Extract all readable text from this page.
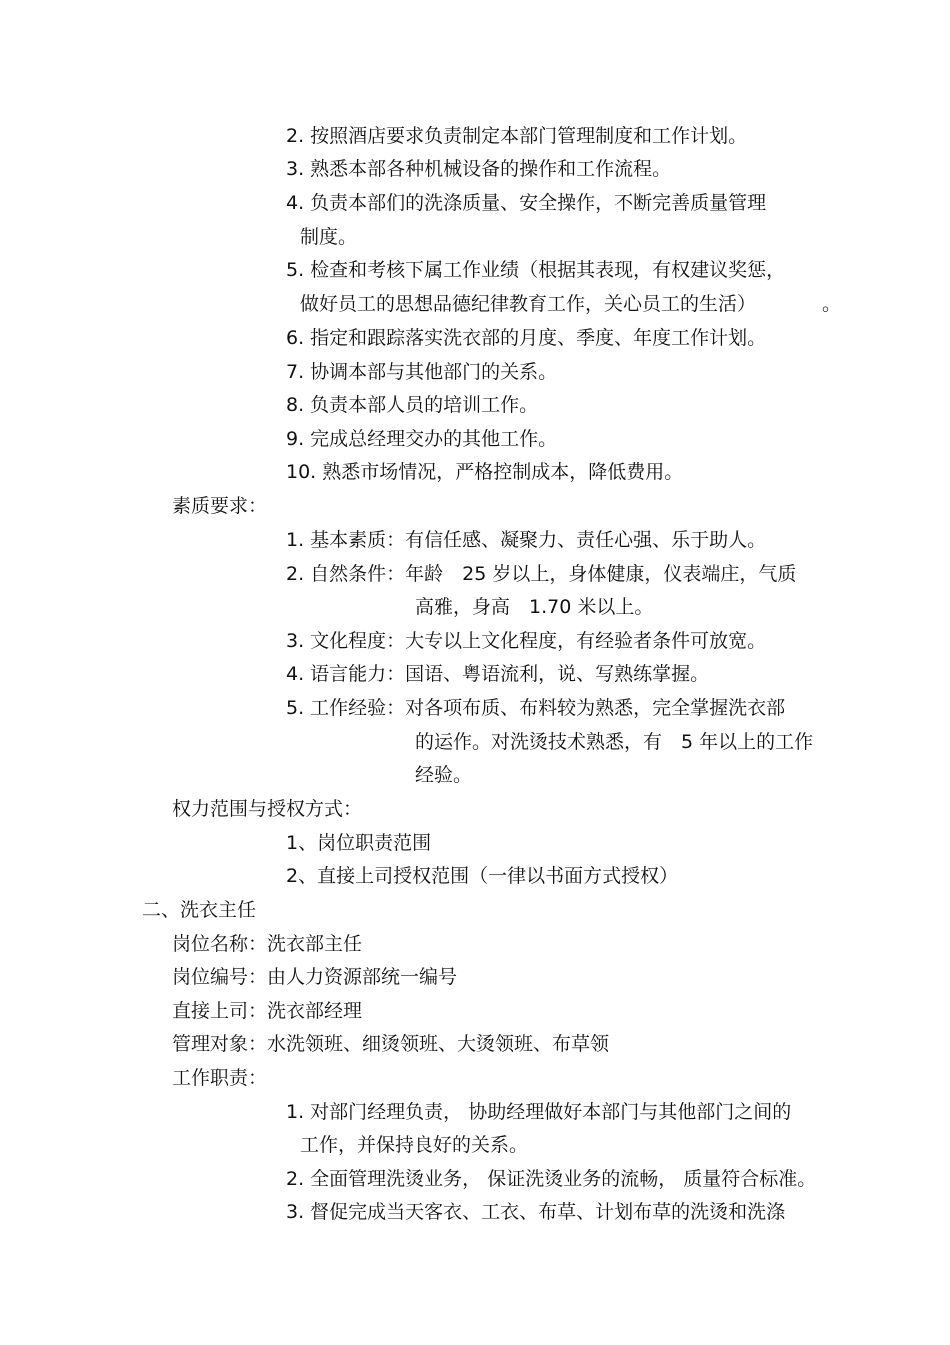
2. 按照酒店要求负责制定本部门管理制度和工作计划。
3. 熟悉本部各种机械设备的操作和工作流程。
4. 负责本部们的洗涤质量、安全操作，不断完善质量管理
制度。
5. 检查和考核下属工作业绩（根据其表现，有权建议奖惩，
做好员工的思想品德纪律教育工作，关心员工的生活）	。
6. 指定和跟踪落实洗衣部的月度、季度、年度工作计划。
7. 协调本部与其他部门的关系。
8. 负责本部人员的培训工作。
9. 完成总经理交办的其他工作。
10. 熟悉市场情况，严格控制成本，降低费用。
素质要求：
1. 基本素质：有信任感、凝聚力、责任心强、乐于助人。
2. 自然条件：年龄　25 岁以上，身体健康，仪表端庄，气质
高雅，身高　1.70 米以上。
3. 文化程度：大专以上文化程度，有经验者条件可放宽。
4. 语言能力：国语、粤语流利，说、写熟练掌握。
5. 工作经验：对各项布质、布料较为熟悉，完全掌握洗衣部
的运作。对洗烫技术熟悉，有　5 年以上的工作
经验。
权力范围与授权方式：
1、岗位职责范围
2、直接上司授权范围（一律以书面方式授权）
二、洗衣主任
岗位名称：洗衣部主任
岗位编号：由人力资源部统一编号
直接上司：洗衣部经理
管理对象：水洗领班、细烫领班、大烫领班、布草领
工作职责：
1. 对部门经理负责， 协助经理做好本部门与其他部门之间的
工作，并保持良好的关系。
2. 全面管理洗烫业务， 保证洗烫业务的流畅， 质量符合标准。
3. 督促完成当天客衣、工衣、布草、计划布草的洗烫和洗涤
